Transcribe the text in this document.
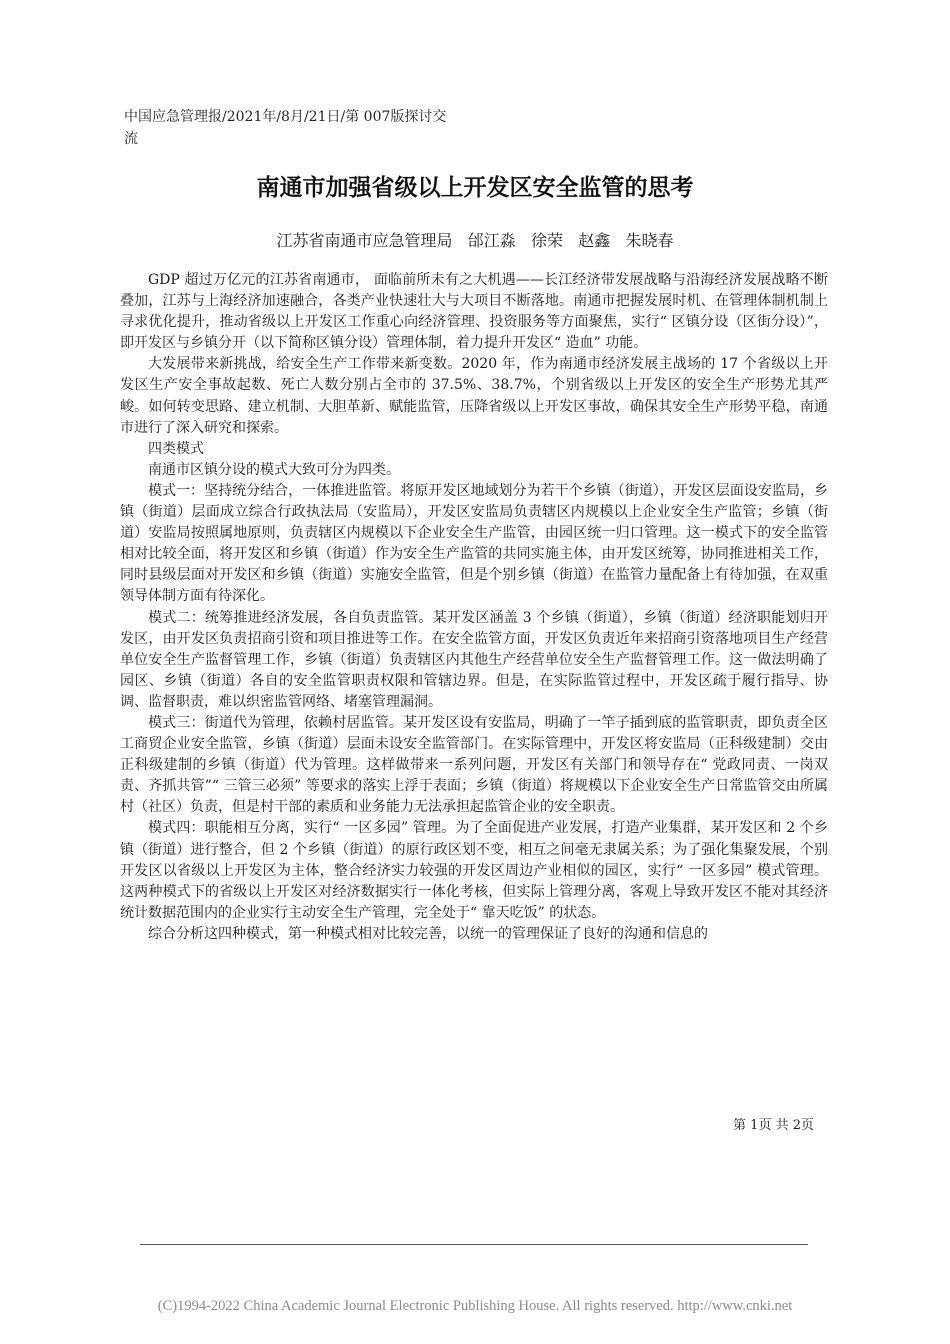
中国应急管理报/2021年/8月/21日/第 007版探讨交流
南通市加强省级以上开发区安全监管的思考
江苏省南通市应急管理局   邰江淼   徐荣   赵鑫   朱晓春

GDP 超过万亿元的江苏省南通市， 面临前所未有之大机遇——长江经济带发展战略与沿海经济发展战略不断叠加，江苏与上海经济加速融合，各类产业快速壮大与大项目不断落地。南通市把握发展时机、在管理体制机制上寻求优化提升，推动省级以上开发区工作重心向经济管理、投资服务等方面聚焦，实行“ 区镇分设（区街分设）”，即开发区与乡镇分开（以下简称区镇分设）管理体制，着力提升开发区“ 造血” 功能。

大发展带来新挑战，给安全生产工作带来新变数。2020 年，作为南通市经济发展主战场的 17 个省级以上开发区生产安全事故起数、死亡人数分别占全市的 37.5%、38.7%，个别省级以上开发区的安全生产形势尤其严峻。如何转变思路、建立机制、大胆革新、赋能监管，压降省级以上开发区事故，确保其安全生产形势平稳，南通市进行了深入研究和探索。

四类模式

南通市区镇分设的模式大致可分为四类。

模式一：坚持统分结合，一体推进监管。将原开发区地域划分为若干个乡镇（街道），开发区层面设安监局，乡镇（街道）层面成立综合行政执法局（安监局），开发区安监局负责辖区内规模以上企业安全生产监管；乡镇（街道）安监局按照属地原则，负责辖区内规模以下企业安全生产监管，由园区统一归口管理。这一模式下的安全监管相对比较全面，将开发区和乡镇（街道）作为安全生产监管的共同实施主体，由开发区统筹，协同推进相关工作，同时县级层面对开发区和乡镇（街道）实施安全监管，但是个别乡镇（街道）在监管力量配备上有待加强，在双重领导体制方面有待深化。

模式二：统筹推进经济发展，各自负责监管。某开发区涵盖 3 个乡镇（街道），乡镇（街道）经济职能划归开发区，由开发区负责招商引资和项目推进等工作。在安全监管方面，开发区负责近年来招商引资落地项目生产经营单位安全生产监督管理工作，乡镇（街道）负责辖区内其他生产经营单位安全生产监督管理工作。这一做法明确了园区、乡镇（街道）各自的安全监管职责权限和管辖边界。但是，在实际监管过程中，开发区疏于履行指导、协调、监督职责，难以织密监管网络、堵塞管理漏洞。

模式三：街道代为管理，依赖村居监管。某开发区设有安监局，明确了一竿子插到底的监管职责，即负责全区工商贸企业安全监管，乡镇（街道）层面未设安全监管部门。在实际管理中，开发区将安监局（正科级建制）交由正科级建制的乡镇（街道）代为管理。这样做带来一系列问题，开发区有关部门和领导存在“ 党政同责、一岗双责、齐抓共管”“ 三管三必须” 等要求的落实上浮于表面；乡镇（街道）将规模以下企业安全生产日常监管交由所属村（社区）负责，但是村干部的素质和业务能力无法承担起监管企业的安全职责。

模式四：职能相互分离，实行“ 一区多园” 管理。为了全面促进产业发展，打造产业集群，某开发区和 2 个乡镇（街道）进行整合，但 2 个乡镇（街道）的原行政区划不变，相互之间毫无隶属关系；为了强化集聚发展，个别开发区以省级以上开发区为主体，整合经济实力较强的开发区周边产业相似的园区，实行“ 一区多园” 模式管理。这两种模式下的省级以上开发区对经济数据实行一体化考核，但实际上管理分离，客观上导致开发区不能对其经济统计数据范围内的企业实行主动安全生产管理，完全处于“ 靠天吃饭” 的状态。

综合分析这四种模式，第一种模式相对比较完善，以统一的管理保证了良好的沟通和信息的

第 1页 共 2页
(C)1994-2022 China Academic Journal Electronic Publishing House. All rights reserved. http://www.cnki.net
